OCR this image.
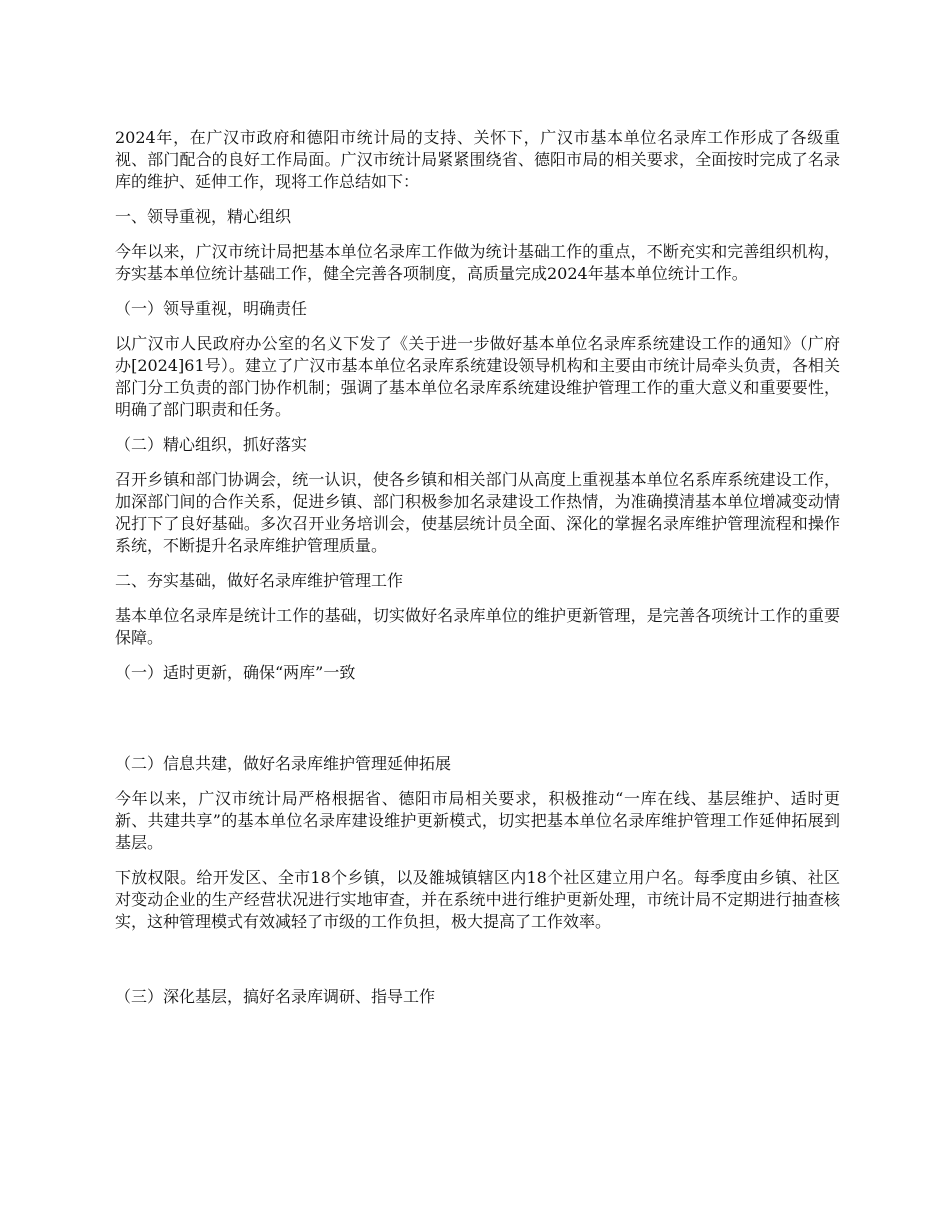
2024年，在广汉市政府和德阳市统计局的支持、关怀下，广汉市基本单位名录库工作形成了各级重视、部门配合的良好工作局面。广汉市统计局紧紧围绕省、德阳市局的相关要求，全面按时完成了名录库的维护、延伸工作，现将工作总结如下：

一、领导重视，精心组织

今年以来，广汉市统计局把基本单位名录库工作做为统计基础工作的重点，不断充实和完善组织机构，夯实基本单位统计基础工作，健全完善各项制度，高质量完成2024年基本单位统计工作。

（一）领导重视，明确责任

以广汉市人民政府办公室的名义下发了《关于进一步做好基本单位名录库系统建设工作的通知》（广府办[2024]61号）。建立了广汉市基本单位名录库系统建设领导机构和主要由市统计局牵头负责，各相关部门分工负责的部门协作机制；强调了基本单位名录库系统建设维护管理工作的重大意义和重要要性，明确了部门职责和任务。

（二）精心组织，抓好落实

召开乡镇和部门协调会，统一认识，使各乡镇和相关部门从高度上重视基本单位名系库系统建设工作，加深部门间的合作关系，促进乡镇、部门积极参加名录建设工作热情，为准确摸清基本单位增减变动情况打下了良好基础。多次召开业务培训会，使基层统计员全面、深化的掌握名录库维护管理流程和操作系统，不断提升名录库维护管理质量。

二、夯实基础，做好名录库维护管理工作

基本单位名录库是统计工作的基础，切实做好名录库单位的维护更新管理，是完善各项统计工作的重要保障。

（一）适时更新，确保“两库”一致

（二）信息共建，做好名录库维护管理延伸拓展

今年以来，广汉市统计局严格根据省、德阳市局相关要求，积极推动“一库在线、基层维护、适时更新、共建共享”的基本单位名录库建设维护更新模式，切实把基本单位名录库维护管理工作延伸拓展到基层。

下放权限。给开发区、全市18个乡镇，以及雒城镇辖区内18个社区建立用户名。每季度由乡镇、社区对变动企业的生产经营状况进行实地审查，并在系统中进行维护更新处理，市统计局不定期进行抽查核实，这种管理模式有效减轻了市级的工作负担，极大提高了工作效率。

（三）深化基层，搞好名录库调研、指导工作
